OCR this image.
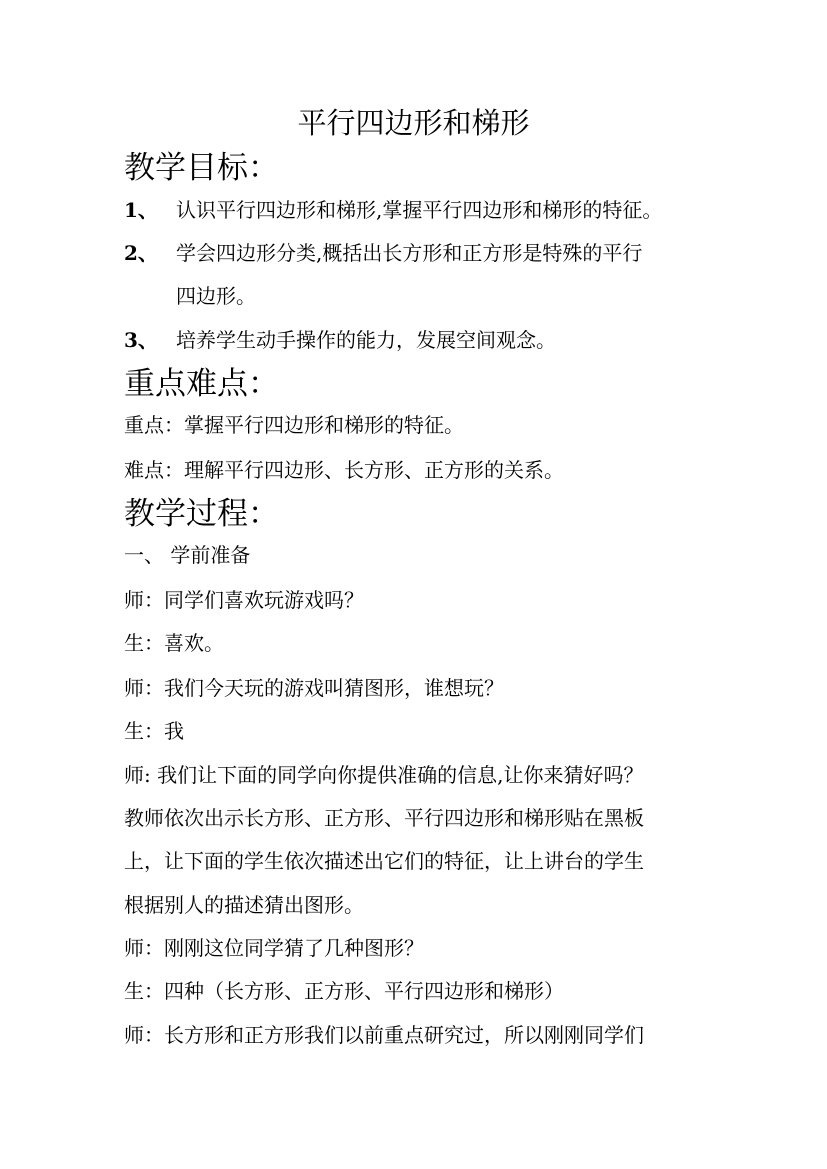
平行四边形和梯形
教学目标：
1、 认识平行四边形和梯形,掌握平行四边形和梯形的特征。
2、 学会四边形分类,概括出长方形和正方形是特殊的平行
四边形。
3、 培养学生动手操作的能力，发展空间观念。
重点难点：
重点：掌握平行四边形和梯形的特征。
难点：理解平行四边形、长方形、正方形的关系。
教学过程：
一、 学前准备
师：同学们喜欢玩游戏吗？
生：喜欢。
师：我们今天玩的游戏叫猜图形，谁想玩？
生：我
师: 我们让下面的同学向你提供准确的信息,让你来猜好吗？
教师依次出示长方形、正方形、平行四边形和梯形贴在黑板
上，让下面的学生依次描述出它们的特征，让上讲台的学生
根据别人的描述猜出图形。
师：刚刚这位同学猜了几种图形？
生：四种（长方形、正方形、平行四边形和梯形）
师：长方形和正方形我们以前重点研究过，所以刚刚同学们
